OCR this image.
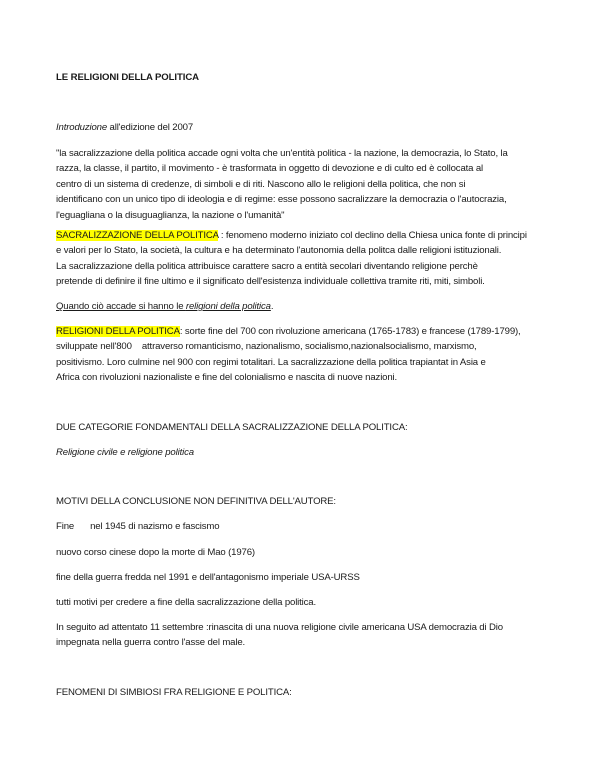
LE RELIGIONI DELLA POLITICA

Introduzione all'edizione del 2007

"la sacralizzazione della politica accade ogni volta che un'entità politica - la nazione, la democrazia, lo Stato, la
razza, la classe, il partito, il movimento - è trasformata in oggetto di devozione e di culto ed è collocata al
centro di un sistema di credenze, di simboli e di riti. Nascono allo le religioni della politica, che non si
identificano con un unico tipo di ideologia e di regime: esse possono sacralizzare la democrazia o l'autocrazia,
l'eguagliana o la disuguaglianza, la nazione o l'umanità"
SACRALIZZAZIONE DELLA POLITICA : fenomeno moderno iniziato col declino della Chiesa unica fonte di principi
e valori per lo Stato, la società, la cultura e ha determinato l'autonomia della politca dalle religioni istituzionali.
La sacralizzazione della politica attribuisce carattere sacro a entità secolari diventando religione perchè
pretende di definire il fine ultimo e il significato dell'esistenza individuale collettiva tramite riti, miti, simboli.

Quando ciò accade si hanno le religioni della politica.

RELIGIONI DELLA POLITICA: sorte fine del 700 con rivoluzione americana (1765-1783) e francese (1789-1799),
sviluppate nell'800    attraverso romanticismo, nazionalismo, socialismo,nazionalsocialismo, marxismo,
positivismo. Loro culmine nel 900 con regimi totalitari. La sacralizzazione della politica trapiantat in Asia e
Africa con rivoluzioni nazionaliste e fine del colonialismo e nascita di nuove nazioni.

DUE CATEGORIE FONDAMENTALI DELLA SACRALIZZAZIONE DELLA POLITICA:

Religione civile e religione politica

MOTIVI DELLA CONCLUSIONE NON DEFINITIVA DELL'AUTORE:

Fine nel 1945 di nazismo e fascismo

nuovo corso cinese dopo la morte di Mao (1976)

fine della guerra fredda nel 1991 e dell'antagonismo imperiale USA-URSS

tutti motivi per credere a fine della sacralizzazione della politica.

In seguito ad attentato 11 settembre :rinascita di una nuova religione civile americana USA democrazia di Dio
impegnata nella guerra contro l'asse del male.

FENOMENI DI SIMBIOSI FRA RELIGIONE E POLITICA:
